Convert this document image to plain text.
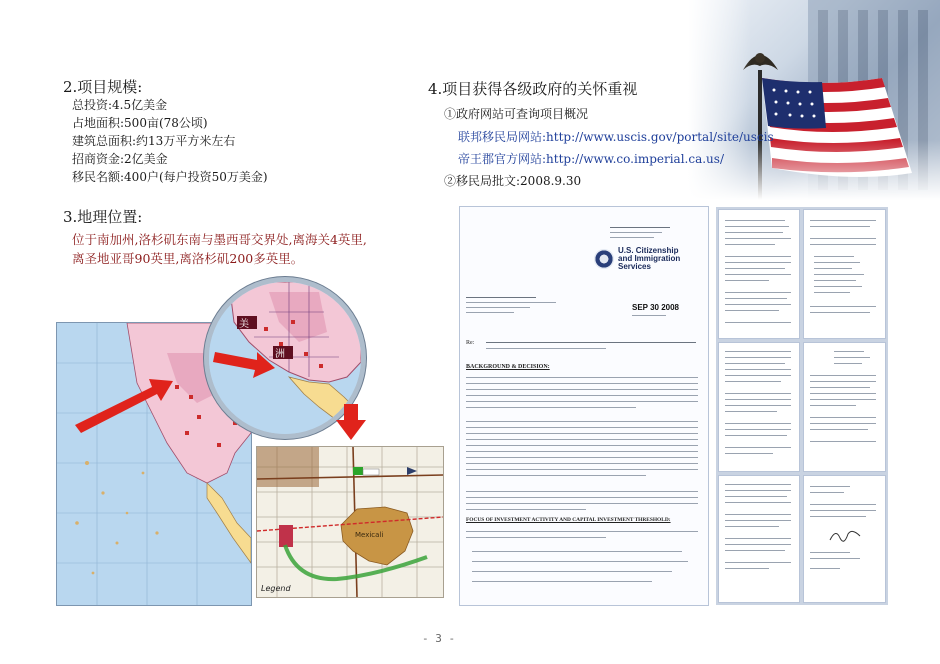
2.项目规模:
总投资:4.5亿美金
占地面积:500亩(78公顷)
建筑总面积:约13万平方米左右
招商资金:2亿美金
移民名额:400户(每户投资50万美金)
3.地理位置:
位于南加州,洛杉矶东南与墨西哥交界处,离海关4英里,
离圣地亚哥90英里,离洛杉矶200多英里。
4.项目获得各级政府的关怀重视
①政府网站可查询项目概况
联邦移民局网站:http://www.uscis.gov/portal/site/uscis
帝王郡官方网站:http://www.co.imperial.ca.us/
②移民局批文:2008.9.30
美
洲
Legend
Mexicali
U.S. Citizenship
and Immigration
Services
SEP 30 2008
Re:
BACKGROUND & DECISION:
FOCUS OF INVESTMENT ACTIVITY AND CAPITAL INVESTMENT THRESHOLD:
- 3 -
